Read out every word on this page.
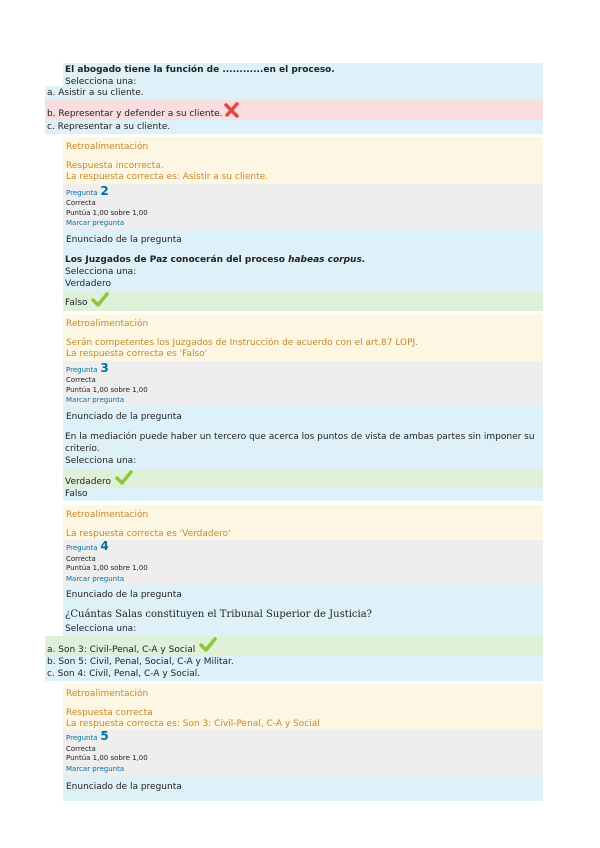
El abogado tiene la función de ............en el proceso.
Selecciona una:
a. Asistir a su cliente.
b. Representar y defender a su cliente.
c. Representar a su cliente.
Retroalimentación
Respuesta incorrecta.
La respuesta correcta es: Asistir a su cliente.
Pregunta 2
Correcta
Puntúa 1,00 sobre 1,00
Marcar pregunta
Enunciado de la pregunta
Los Juzgados de Paz conocerán del proceso habeas corpus.
Selecciona una:
Verdadero
Falso
Retroalimentación
Serán competentes los Juzgados de Instrucción de acuerdo con el art.87 LOPJ.
La respuesta correcta es 'Falso'
Pregunta 3
Correcta
Puntúa 1,00 sobre 1,00
Marcar pregunta
Enunciado de la pregunta
En la mediación puede haber un tercero que acerca los puntos de vista de ambas partes sin imponer su
criterio.
Selecciona una:
Verdadero
Falso
Retroalimentación
La respuesta correcta es 'Verdadero'
Pregunta 4
Correcta
Puntúa 1,00 sobre 1,00
Marcar pregunta
Enunciado de la pregunta
¿Cuántas Salas constituyen el Tribunal Superior de Justicia?
Selecciona una:
a. Son 3: Civil-Penal, C-A y Social
b. Son 5: Civil, Penal, Social, C-A y Militar.
c. Son 4: Civil, Penal, C-A y Social.
Retroalimentación
Respuesta correcta
La respuesta correcta es: Son 3: Civil-Penal, C-A y Social
Pregunta 5
Correcta
Puntúa 1,00 sobre 1,00
Marcar pregunta
Enunciado de la pregunta
